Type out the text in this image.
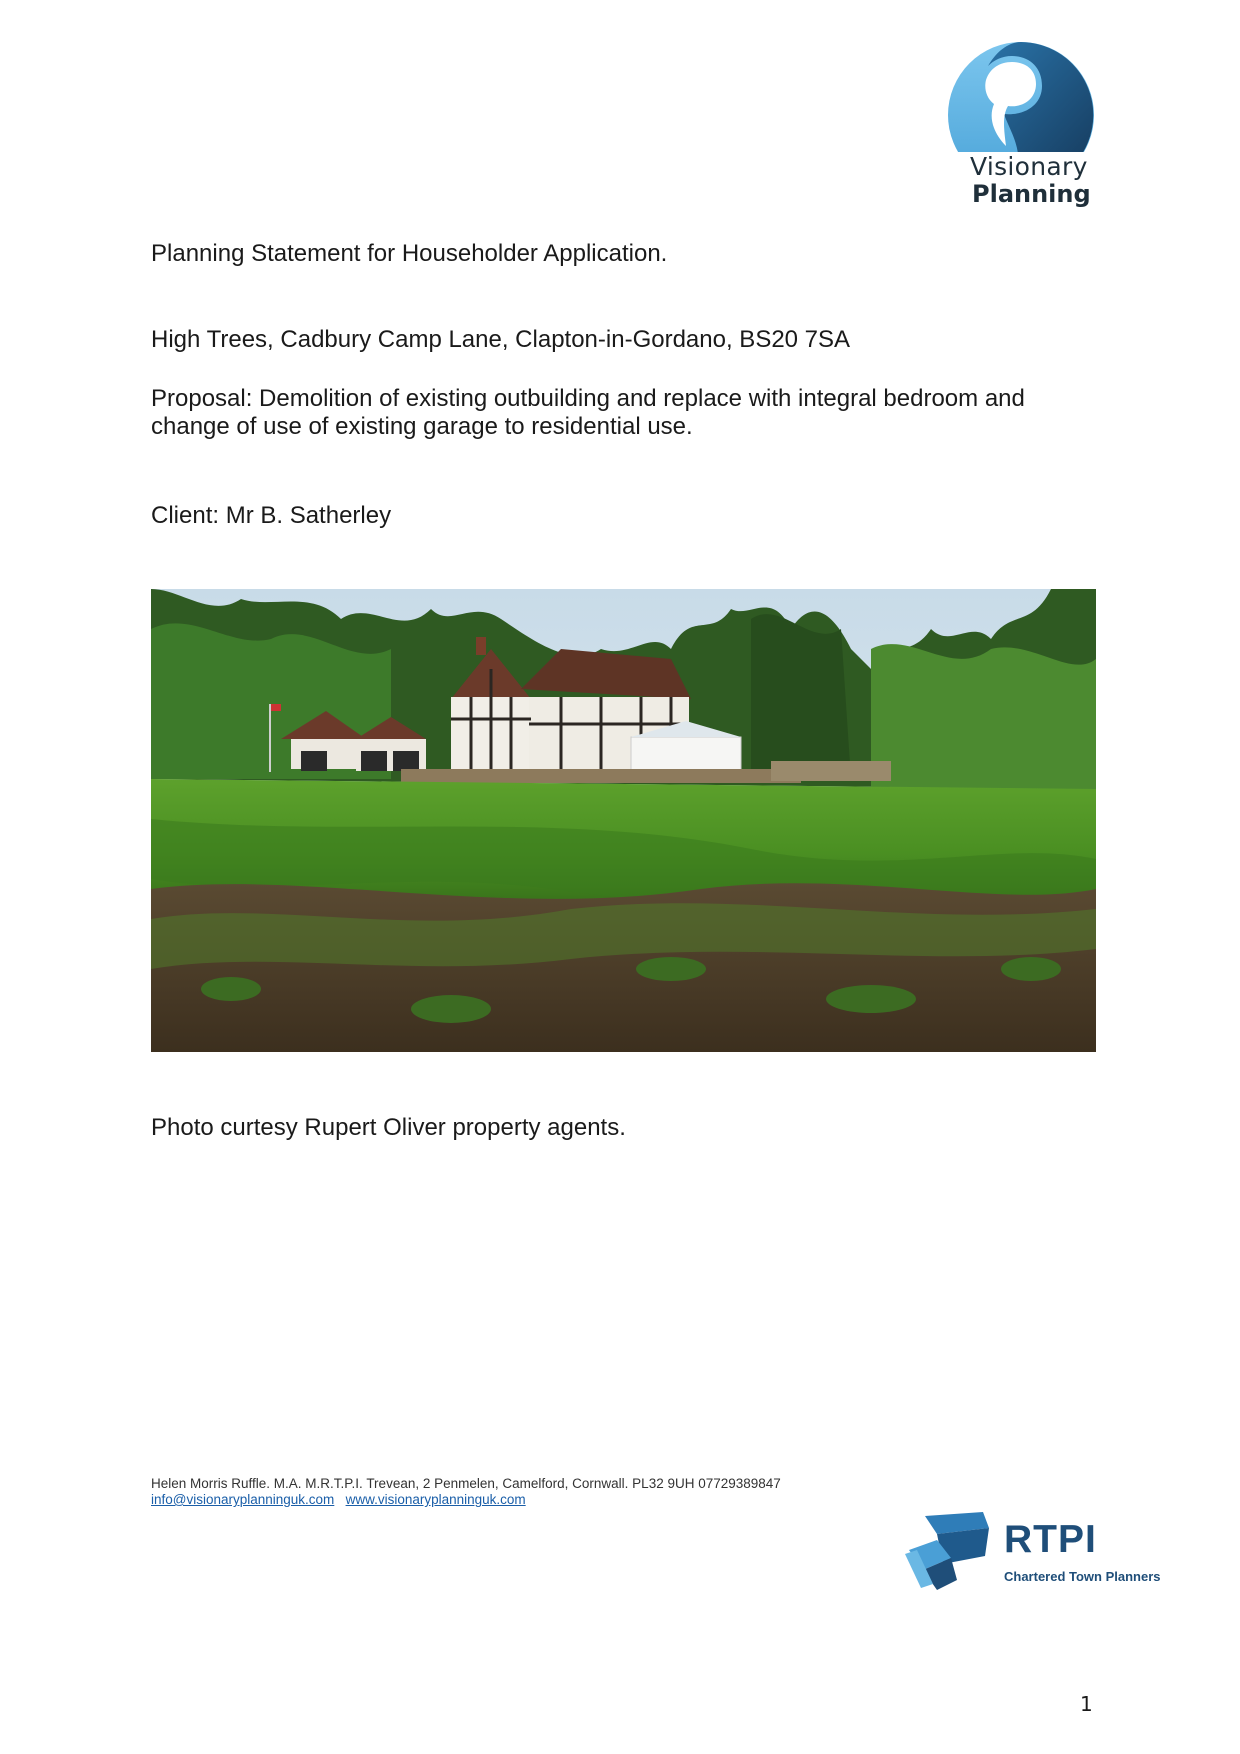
Visionary
Planning
Planning Statement for Householder Application.
High Trees, Cadbury Camp Lane, Clapton-in-Gordano, BS20 7SA
Proposal: Demolition of existing outbuilding and replace with integral bedroom and
change of use of existing garage to residential use.
Client: Mr B. Satherley
Photo curtesy Rupert Oliver property agents.
Helen Morris Ruffle. M.A. M.R.T.P.I. Trevean, 2 Penmelen, Camelford, Cornwall. PL32 9UH 07729389847
info@visionaryplanninguk.com www.visionaryplanninguk.com
RTPI
Chartered Town Planners
1
